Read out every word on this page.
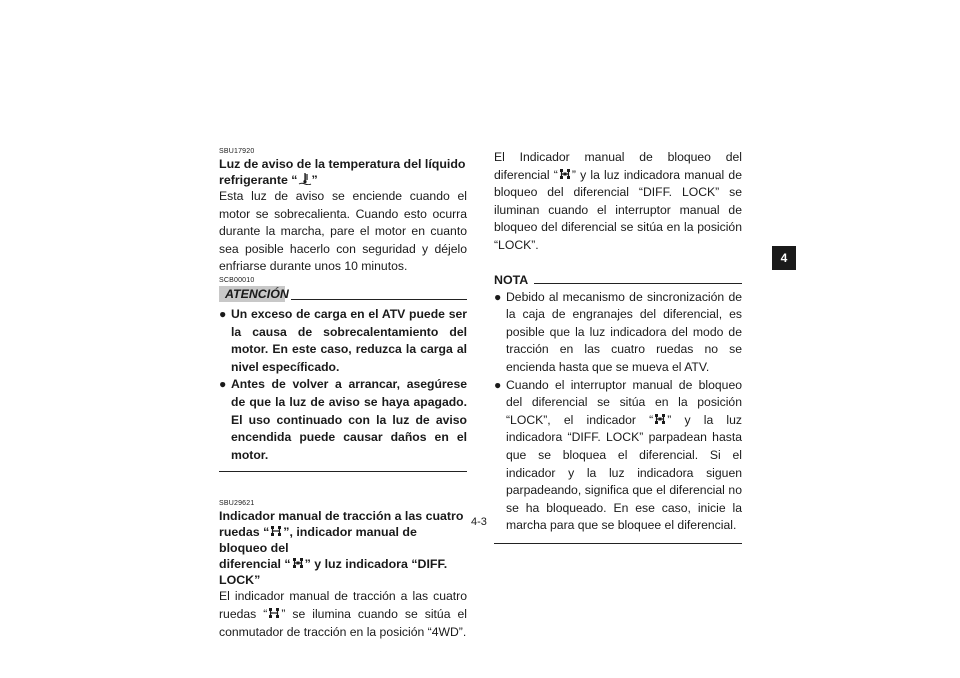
SBU17920
Luz de aviso de la temperatura del líquido
refrigerante “ ”

Esta luz de aviso se enciende cuando el motor se sobrecalienta. Cuando esto ocurra durante la marcha, pare el motor en cuanto sea posible hacerlo con seguridad y déjelo enfriarse durante unos 10 minutos.

SCB00010
ATENCIÓN
● Un exceso de carga en el ATV puede ser la causa de sobrecalentamiento del motor. En este caso, reduzca la carga al nivel específicado.
● Antes de volver a arrancar, asegúrese de que la luz de aviso se haya apagado. El uso continuado con la luz de aviso encendida puede causar daños en el motor.
SBU29621
Indicador manual de tracción a las cuatro
ruedas “ ”, indicador manual de bloqueo del
diferencial “ ” y luz indicadora “DIFF. LOCK”

El indicador manual de tracción a las cuatro ruedas “ ” se ilumina cuando se sitúa el conmutador de tracción en la posición “4WD”.

El Indicador manual de bloqueo del diferencial “ ” y la luz indicadora manual de bloqueo del diferencial “DIFF. LOCK” se iluminan cuando el interruptor manual de bloqueo del diferencial se sitúa en la posición “LOCK”.

NOTA
● Debido al mecanismo de sincronización de la caja de engranajes del diferencial, es posible que la luz indicadora del modo de tracción en las cuatro ruedas no se encienda hasta que se mueva el ATV.
● Cuando el interruptor manual de bloqueo del diferencial se sitúa en la posición “LOCK”, el indicador “ ” y la luz indicadora “DIFF. LOCK” parpadean hasta que se bloquea el diferencial. Si el indicador y la luz indicadora siguen parpadeando, significa que el diferencial no se ha bloqueado. En ese caso, inicie la marcha para que se bloquee el diferencial.
4
4-3
